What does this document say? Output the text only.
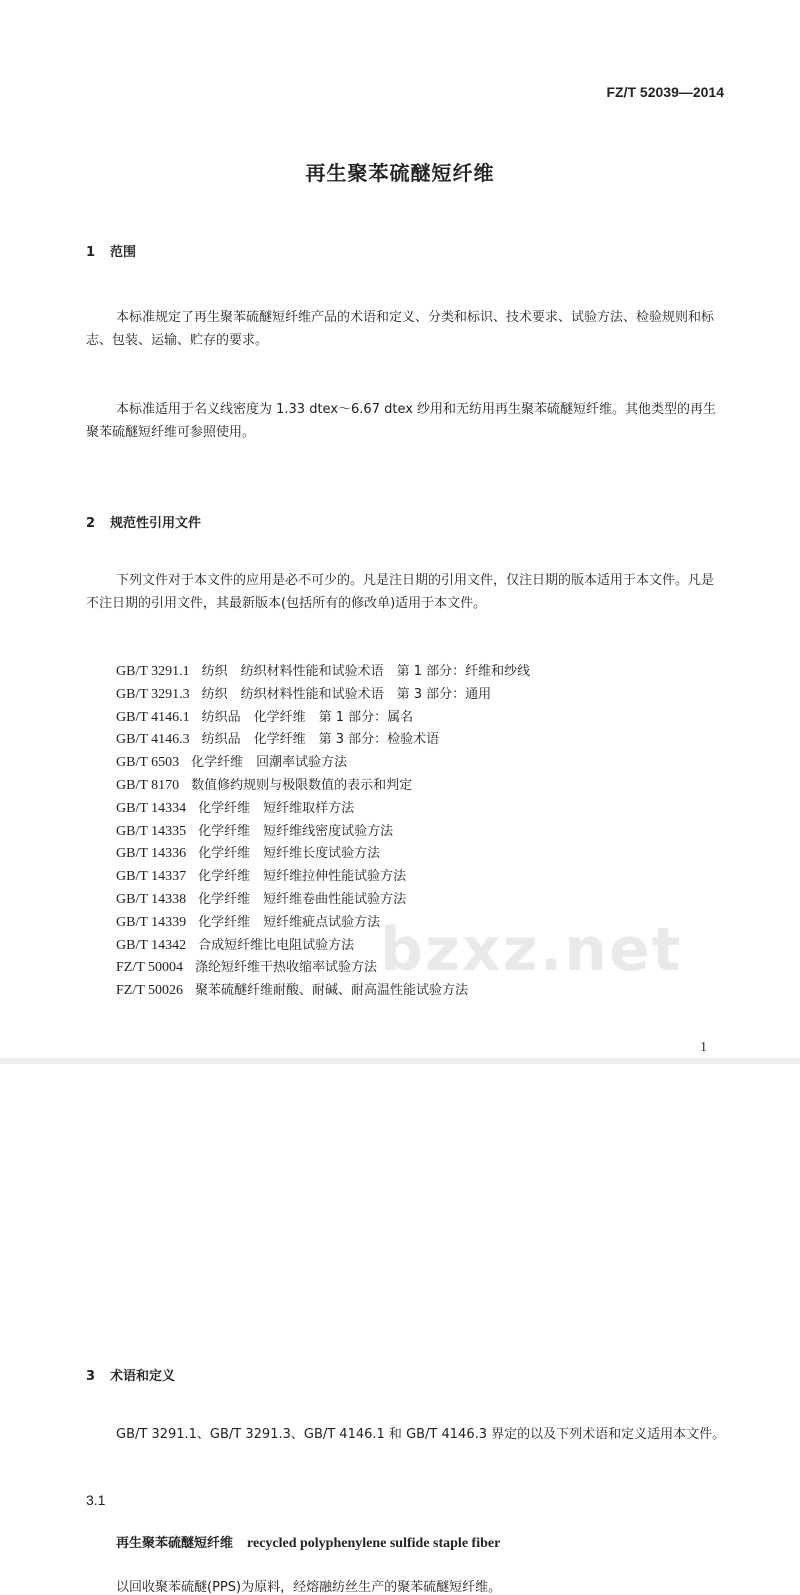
FZ/T 52039—2014
再生聚苯硫醚短纤维
1 范围
本标准规定了再生聚苯硫醚短纤维产品的术语和定义、分类和标识、技术要求、试验方法、检验规则和标志、包装、运输、贮存的要求。
本标准适用于名义线密度为 1.33 dtex～6.67 dtex 纱用和无纺用再生聚苯硫醚短纤维。其他类型的再生聚苯硫醚短纤维可参照使用。
2 规范性引用文件
下列文件对于本文件的应用是必不可少的。凡是注日期的引用文件，仅注日期的版本适用于本文件。凡是不注日期的引用文件，其最新版本(包括所有的修改单)适用于本文件。
GB/T 3291.1 纺织　纺织材料性能和试验术语　第 1 部分：纤维和纱线
GB/T 3291.3 纺织　纺织材料性能和试验术语　第 3 部分：通用
GB/T 4146.1 纺织品　化学纤维　第 1 部分：属名
GB/T 4146.3 纺织品　化学纤维　第 3 部分：检验术语
GB/T 6503 化学纤维　回潮率试验方法
GB/T 8170 数值修约规则与极限数值的表示和判定
GB/T 14334 化学纤维　短纤维取样方法
GB/T 14335 化学纤维　短纤维线密度试验方法
GB/T 14336 化学纤维　短纤维长度试验方法
GB/T 14337 化学纤维　短纤维拉伸性能试验方法
GB/T 14338 化学纤维　短纤维卷曲性能试验方法
GB/T 14339 化学纤维　短纤维疵点试验方法
GB/T 14342 合成短纤维比电阻试验方法
FZ/T 50004 涤纶短纤维干热收缩率试验方法
FZ/T 50026 聚苯硫醚纤维耐酸、耐碱、耐高温性能试验方法
3 术语和定义
GB/T 3291.1、GB/T 3291.3、GB/T 4146.1 和 GB/T 4146.3 界定的以及下列术语和定义适用本文件。
bzxz.net
3.1
再生聚苯硫醚短纤维 recycled polyphenylene sulfide staple fiber
以回收聚苯硫醚(PPS)为原料，经熔融纺丝生产的聚苯硫醚短纤维。
1
